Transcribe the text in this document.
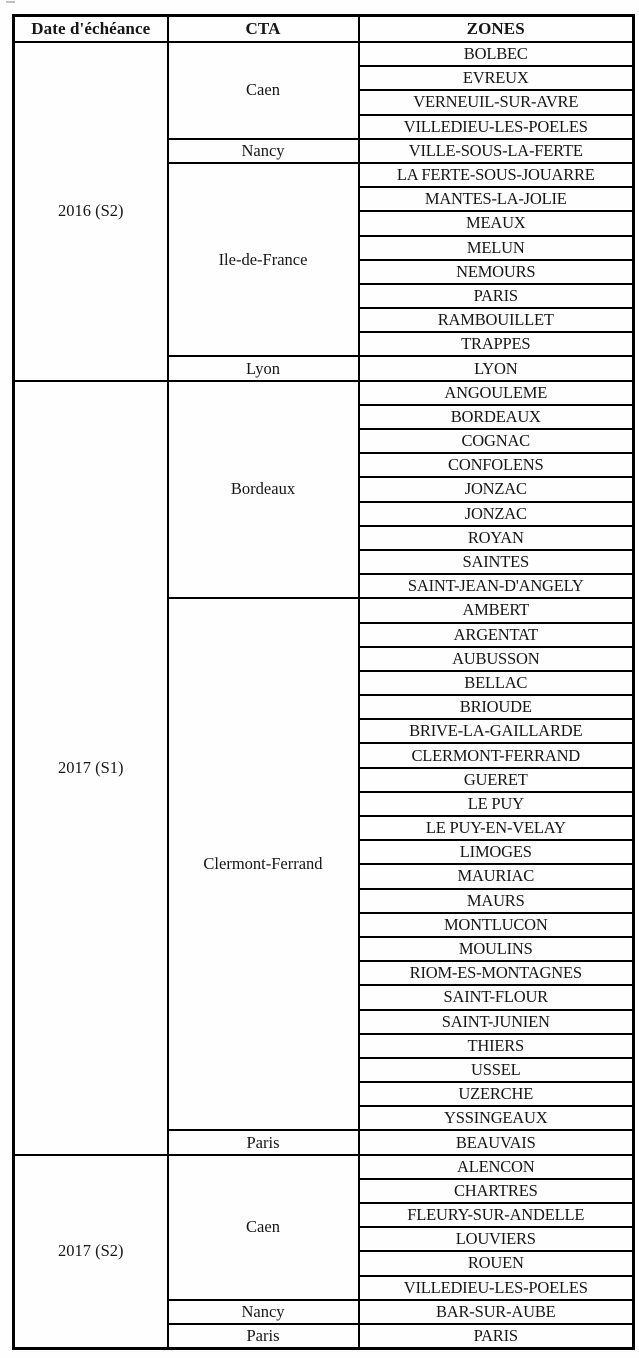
Date d'échéance	CTA	ZONES
2016 (S2)	Caen	BOLBEC
		EVREUX
		VERNEUIL-SUR-AVRE
		VILLEDIEU-LES-POELES
	Nancy	VILLE-SOUS-LA-FERTE
	Ile-de-France	LA FERTE-SOUS-JOUARRE
		MANTES-LA-JOLIE
		MEAUX
		MELUN
		NEMOURS
		PARIS
		RAMBOUILLET
		TRAPPES
	Lyon	LYON
2017 (S1)	Bordeaux	ANGOULEME
		BORDEAUX
		COGNAC
		CONFOLENS
		JONZAC
		JONZAC
		ROYAN
		SAINTES
		SAINT-JEAN-D'ANGELY
	Clermont-Ferrand	AMBERT
		ARGENTAT
		AUBUSSON
		BELLAC
		BRIOUDE
		BRIVE-LA-GAILLARDE
		CLERMONT-FERRAND
		GUERET
		LE PUY
		LE PUY-EN-VELAY
		LIMOGES
		MAURIAC
		MAURS
		MONTLUCON
		MOULINS
		RIOM-ES-MONTAGNES
		SAINT-FLOUR
		SAINT-JUNIEN
		THIERS
		USSEL
		UZERCHE
		YSSINGEAUX
	Paris	BEAUVAIS
2017 (S2)	Caen	ALENCON
		CHARTRES
		FLEURY-SUR-ANDELLE
		LOUVIERS
		ROUEN
		VILLEDIEU-LES-POELES
	Nancy	BAR-SUR-AUBE
	Paris	PARIS
